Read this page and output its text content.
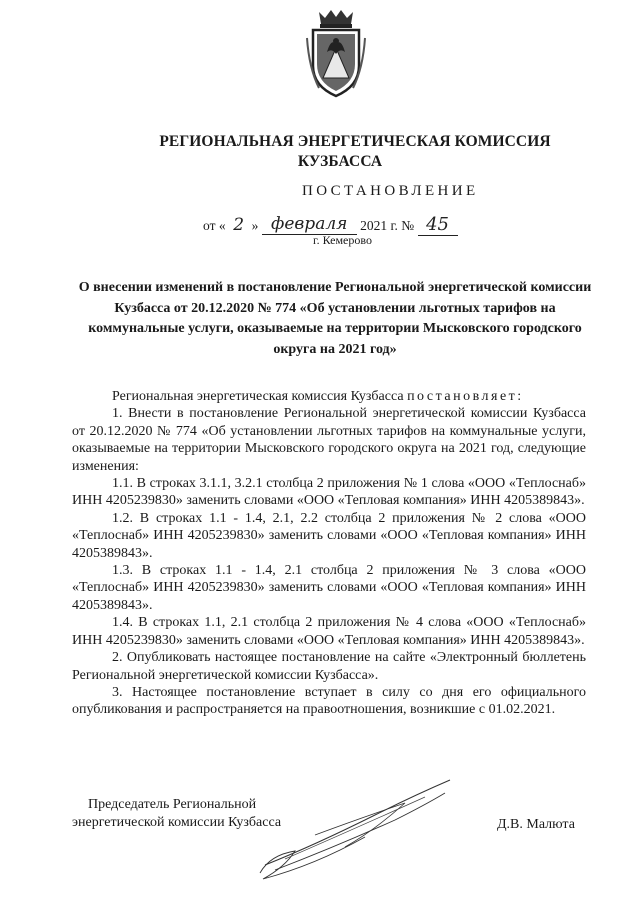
РЕГИОНАЛЬНАЯ ЭНЕРГЕТИЧЕСКАЯ КОМИССИЯ
КУЗБАССА
ПОСТАНОВЛЕНИЕ
от « 2 » февраля 2021 г. № 45
г. Кемерово
О внесении изменений в постановление Региональной энергетической комиссии Кузбасса от 20.12.2020 № 774 «Об установлении льготных тарифов на коммунальные услуги, оказываемые на территории Мысковского городского округа на 2021 год»

Региональная энергетическая комиссия Кузбасса постановляет:

1. Внести в постановление Региональной энергетической комиссии Кузбасса от 20.12.2020 № 774 «Об установлении льготных тарифов на коммунальные услуги, оказываемые на территории Мысковского городского округа на 2021 год, следующие изменения:

1.1. В строках 3.1.1, 3.2.1 столбца 2 приложения № 1 слова «ООО «Теплоснаб» ИНН 4205239830» заменить словами «ООО «Тепловая компания» ИНН 4205389843».

1.2. В строках 1.1 - 1.4, 2.1, 2.2 столбца 2 приложения № 2 слова «ООО «Теплоснаб» ИНН 4205239830» заменить словами «ООО «Тепловая компания» ИНН 4205389843».

1.3. В строках 1.1 - 1.4, 2.1 столбца 2 приложения № 3 слова «ООО «Теплоснаб» ИНН 4205239830» заменить словами «ООО «Тепловая компания» ИНН 4205389843».

1.4. В строках 1.1, 2.1 столбца 2 приложения № 4 слова «ООО «Теплоснаб» ИНН 4205239830» заменить словами «ООО «Тепловая компания» ИНН 4205389843».

2. Опубликовать настоящее постановление на сайте «Электронный бюллетень Региональной энергетической комиссии Кузбасса».

3. Настоящее постановление вступает в силу со дня его официального опубликования и распространяется на правоотношения, возникшие с 01.02.2021.

Председатель Региональной
энергетической комиссии Кузбасса	Д.В. Малюта
